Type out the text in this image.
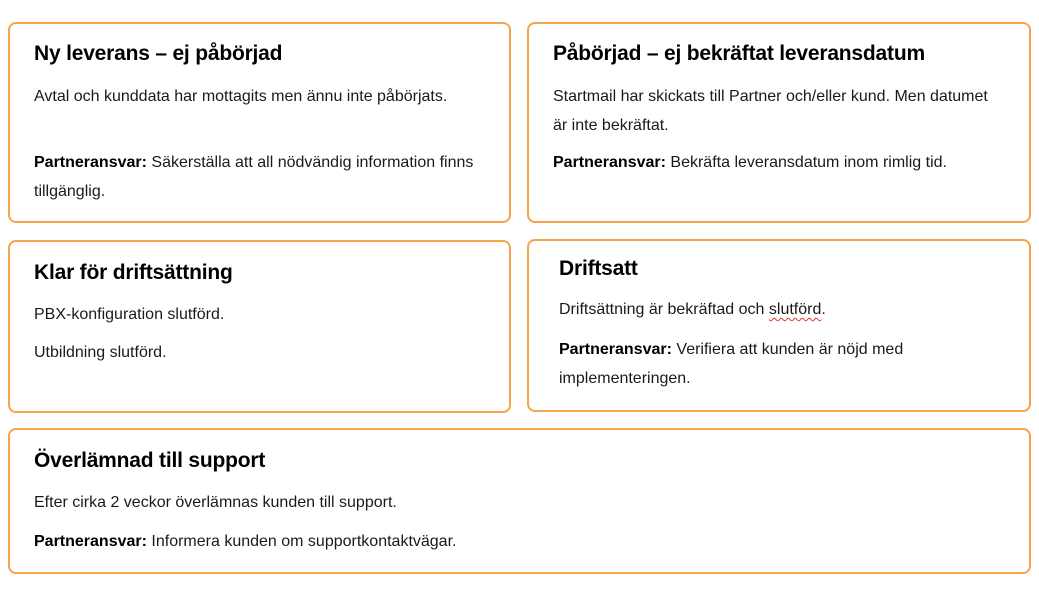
Ny leverans – ej påbörjad

Avtal och kunddata har mottagits men ännu inte påbörjats.

Partneransvar: Säkerställa att all nödvändig information finns tillgänglig.

Påbörjad – ej bekräftat leveransdatum

Startmail har skickats till Partner och/eller kund. Men datumet är inte bekräftat.

Partneransvar: Bekräfta leveransdatum inom rimlig tid.

Klar för driftsättning

PBX-konfiguration slutförd.

Utbildning slutförd.

Driftsatt

Driftsättning är bekräftad och slutförd.

Partneransvar: Verifiera att kunden är nöjd med implementeringen.

Överlämnad till support

Efter cirka 2 veckor överlämnas kunden till support.

Partneransvar: Informera kunden om supportkontaktvägar.
